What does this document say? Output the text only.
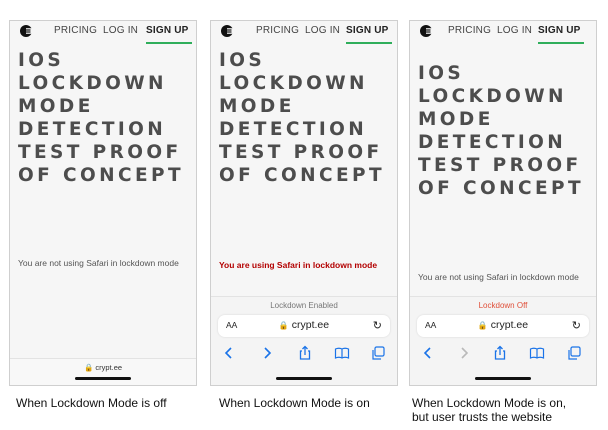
PRICING LOG IN SIGN UP
IOS
LOCKDOWN
MODE
DETECTION
TEST PROOF
OF CONCEPT
You are not using Safari in lockdown mode
🔒 crypt.ee
PRICING LOG IN SIGN UP
IOS
LOCKDOWN
MODE
DETECTION
TEST PROOF
OF CONCEPT
You are using Safari in lockdown mode
Lockdown Enabled
AA	🔒 crypt.ee	↻
PRICING LOG IN SIGN UP
IOS
LOCKDOWN
MODE
DETECTION
TEST PROOF
OF CONCEPT
You are not using Safari in lockdown mode
Lockdown Off
AA	🔒 crypt.ee	↻
When Lockdown Mode is off	When Lockdown Mode is on	When Lockdown Mode is on,
but user trusts the website
